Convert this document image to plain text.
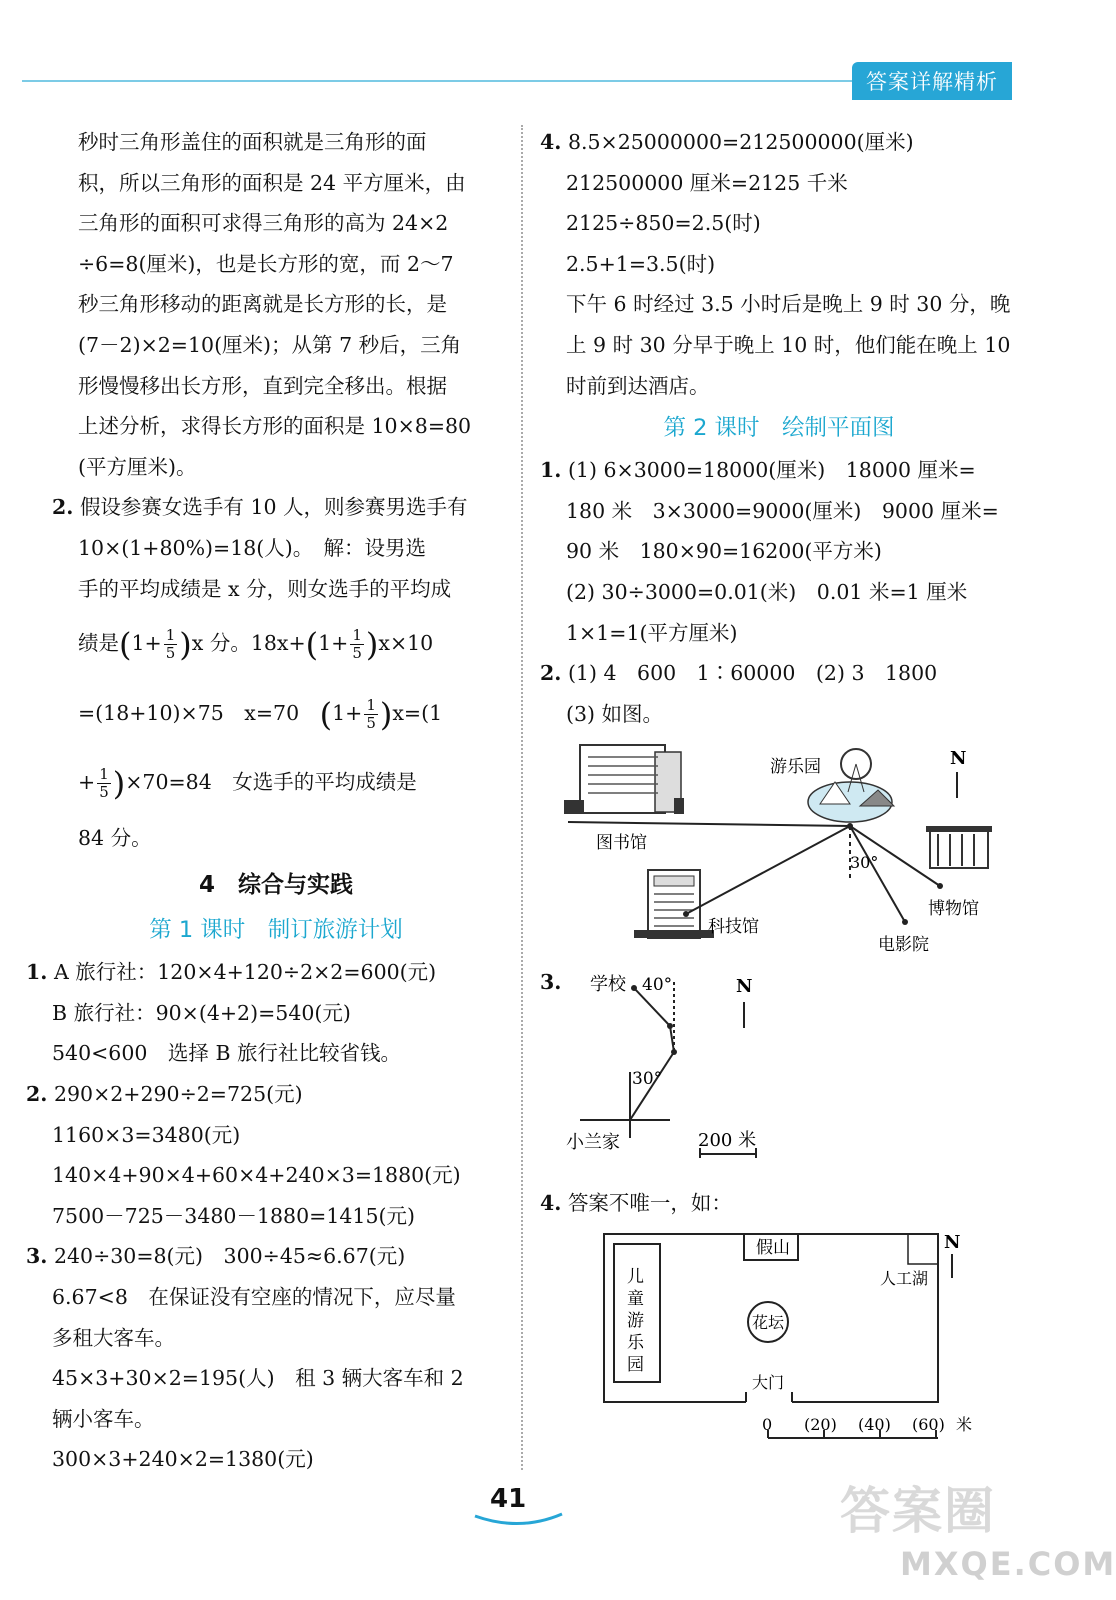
答案详解精析
秒时三角形盖住的面积就是三角形的面
积，所以三角形的面积是 24 平方厘米，由
三角形的面积可求得三角形的高为 24×2
÷6=8(厘米)，也是长方形的宽，而 2～7
秒三角形移动的距离就是长方形的长，是
(7－2)×2=10(厘米)；从第 7 秒后，三角
形慢慢移出长方形，直到完全移出。根据
上述分析，求得长方形的面积是 10×8=80
(平方厘米)。
2. 假设参赛女选手有 10 人，则参赛男选手有
10×(1+80%)=18(人)。　解：设男选
手的平均成绩是 x 分，则女选手的平均成
绩是$(1+ \frac{1}{5} )x$ 分。$18x+(1+ \frac{1}{5} )x\times 10$
=(18+10)×75　x=70　 $(1+ \frac{1}{5} )x=(1$
+ $\frac{1}{5} )\times 70=84$　女选手的平均成绩是
84 分。
4　综合与实践
第 1 课时　制订旅游计划
1. A 旅行社：120×4+120÷2×2=600(元)
B 旅行社：90×(4+2)=540(元)
540<600　选择 B 旅行社比较省钱。
2. 290×2+290÷2=725(元)
1160×3=3480(元)
140×4+90×4+60×4+240×3=1880(元)
7500－725－3480－1880=1415(元)
3. 240÷30=8(元)　300÷45≈6.67(元)
6.67<8　在保证没有空座的情况下，应尽量
多租大客车。
45×3+30×2=195(人)　租 3 辆大客车和 2
辆小客车。
300×3+240×2=1380(元)
4. 8.5×25000000=212500000(厘米)
212500000 厘米=2125 千米
2125÷850=2.5(时)
2.5+1=3.5(时)
下午 6 时经过 3.5 小时后是晚上 9 时 30 分，晚
上 9 时 30 分早于晚上 10 时，他们能在晚上 10
时前到达酒店。
第 2 课时　绘制平面图
1. (1) 6×3000=18000(厘米)　18000 厘米=
180 米　3×3000=9000(厘米)　9000 厘米=
90 米　180×90=16200(平方米)
(2) 30÷3000=0.01(米)　0.01 米=1 厘米
1×1=1(平方厘米)
2. (1) 4　600　1∶60000　(2) 3　1800
(3) 如图。
N
游乐园
图书馆
30°
科技馆
电影院
博物馆
3. 学校 40°
30°
小兰家	200 米
N
4. 答案不唯一，如：
假山
人工湖
儿
童
游
乐
园
花坛
大门
N
0 (20) (40) (60) 米
41	答案圈
MXQE.COM
